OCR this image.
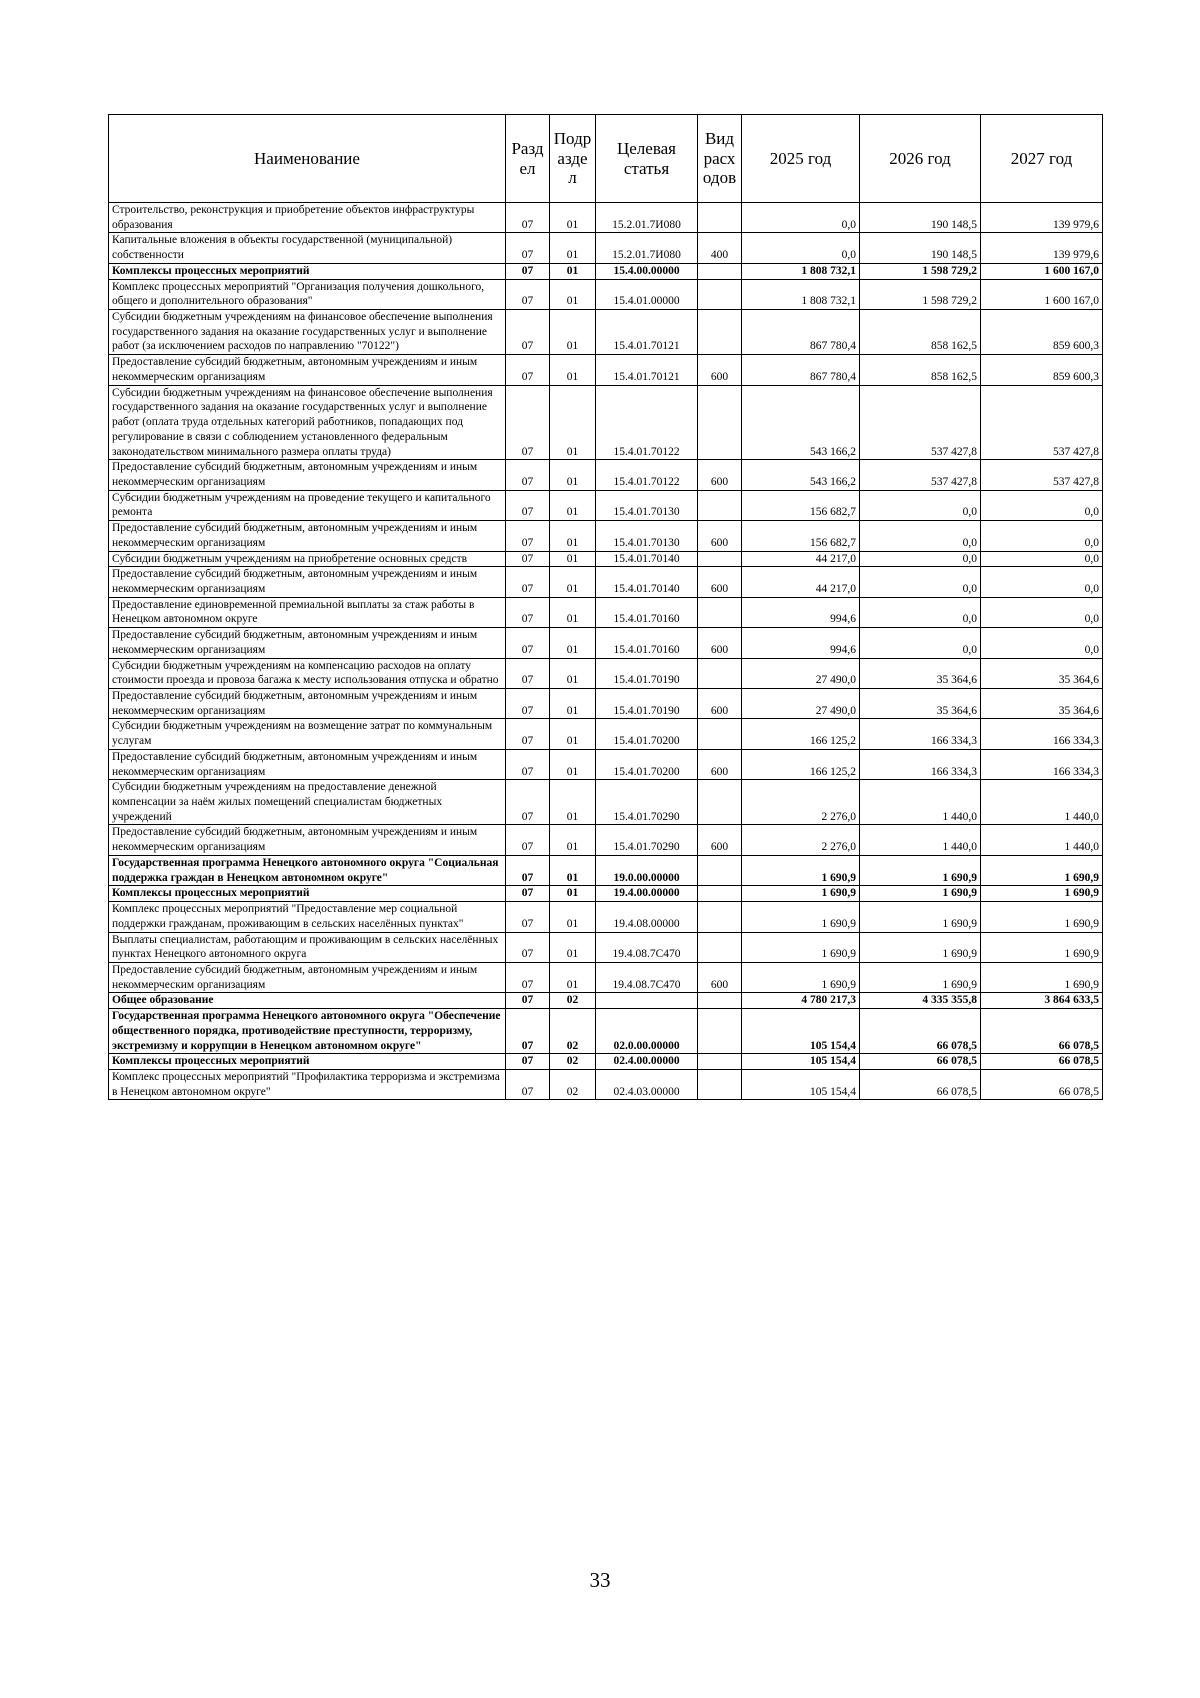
Наименование	Разд ел	Подр азде л	Целевая статья	Вид расх одов	2025 год	2026 год	2027 год
Строительство, реконструкция и приобретение объектов инфраструктуры образования	07	01	15.2.01.7И080		0,0	190 148,5	139 979,6
Капитальные вложения в объекты государственной (муниципальной) собственности	07	01	15.2.01.7И080	400	0,0	190 148,5	139 979,6
Комплексы процессных мероприятий	07	01	15.4.00.00000		1 808 732,1	1 598 729,2	1 600 167,0
Комплекс процессных мероприятий "Организация получения дошкольного, общего и дополнительного образования"	07	01	15.4.01.00000		1 808 732,1	1 598 729,2	1 600 167,0
Субсидии бюджетным учреждениям на финансовое обеспечение выполнения государственного задания на оказание государственных услуг и выполнение работ (за исключением расходов по направлению "70122")	07	01	15.4.01.70121		867 780,4	858 162,5	859 600,3
Предоставление субсидий бюджетным, автономным учреждениям и иным некоммерческим организациям	07	01	15.4.01.70121	600	867 780,4	858 162,5	859 600,3
Субсидии бюджетным учреждениям на финансовое обеспечение выполнения государственного задания на оказание государственных услуг и выполнение работ (оплата труда отдельных категорий работников, попадающих под регулирование в связи с соблюдением установленного федеральным законодательством минимального размера оплаты труда)	07	01	15.4.01.70122		543 166,2	537 427,8	537 427,8
Предоставление субсидий бюджетным, автономным учреждениям и иным некоммерческим организациям	07	01	15.4.01.70122	600	543 166,2	537 427,8	537 427,8
Субсидии бюджетным учреждениям на проведение текущего и капитального ремонта	07	01	15.4.01.70130		156 682,7	0,0	0,0
Предоставление субсидий бюджетным, автономным учреждениям и иным некоммерческим организациям	07	01	15.4.01.70130	600	156 682,7	0,0	0,0
Субсидии бюджетным учреждениям на приобретение основных средств	07	01	15.4.01.70140		44 217,0	0,0	0,0
Предоставление субсидий бюджетным, автономным учреждениям и иным некоммерческим организациям	07	01	15.4.01.70140	600	44 217,0	0,0	0,0
Предоставление единовременной премиальной выплаты за стаж работы в Ненецком автономном округе	07	01	15.4.01.70160		994,6	0,0	0,0
Предоставление субсидий бюджетным, автономным учреждениям и иным некоммерческим организациям	07	01	15.4.01.70160	600	994,6	0,0	0,0
Субсидии бюджетным учреждениям на компенсацию расходов на оплату стоимости проезда и провоза багажа к месту использования отпуска и обратно	07	01	15.4.01.70190		27 490,0	35 364,6	35 364,6
Предоставление субсидий бюджетным, автономным учреждениям и иным некоммерческим организациям	07	01	15.4.01.70190	600	27 490,0	35 364,6	35 364,6
Субсидии бюджетным учреждениям на возмещение затрат по коммунальным услугам	07	01	15.4.01.70200		166 125,2	166 334,3	166 334,3
Предоставление субсидий бюджетным, автономным учреждениям и иным некоммерческим организациям	07	01	15.4.01.70200	600	166 125,2	166 334,3	166 334,3
Субсидии бюджетным учреждениям на предоставление денежной компенсации за наём жилых помещений специалистам бюджетных учреждений	07	01	15.4.01.70290		2 276,0	1 440,0	1 440,0
Предоставление субсидий бюджетным, автономным учреждениям и иным некоммерческим организациям	07	01	15.4.01.70290	600	2 276,0	1 440,0	1 440,0
Государственная программа Ненецкого автономного округа "Социальная поддержка граждан в Ненецком автономном округе"	07	01	19.0.00.00000		1 690,9	1 690,9	1 690,9
Комплексы процессных мероприятий	07	01	19.4.00.00000		1 690,9	1 690,9	1 690,9
Комплекс процессных мероприятий "Предоставление мер социальной поддержки гражданам, проживающим в сельских населённых пунктах"	07	01	19.4.08.00000		1 690,9	1 690,9	1 690,9
Выплаты специалистам, работающим и проживающим в сельских населённых пунктах Ненецкого автономного округа	07	01	19.4.08.7С470		1 690,9	1 690,9	1 690,9
Предоставление субсидий бюджетным, автономным учреждениям и иным некоммерческим организациям	07	01	19.4.08.7С470	600	1 690,9	1 690,9	1 690,9
Общее образование	07	02			4 780 217,3	4 335 355,8	3 864 633,5
Государственная программа Ненецкого автономного округа "Обеспечение общественного порядка, противодействие преступности, терроризму, экстремизму и коррупции в Ненецком автономном округе"	07	02	02.0.00.00000		105 154,4	66 078,5	66 078,5
Комплексы процессных мероприятий	07	02	02.4.00.00000		105 154,4	66 078,5	66 078,5
Комплекс процессных мероприятий "Профилактика терроризма и экстремизма в Ненецком автономном округе"	07	02	02.4.03.00000		105 154,4	66 078,5	66 078,5
33
